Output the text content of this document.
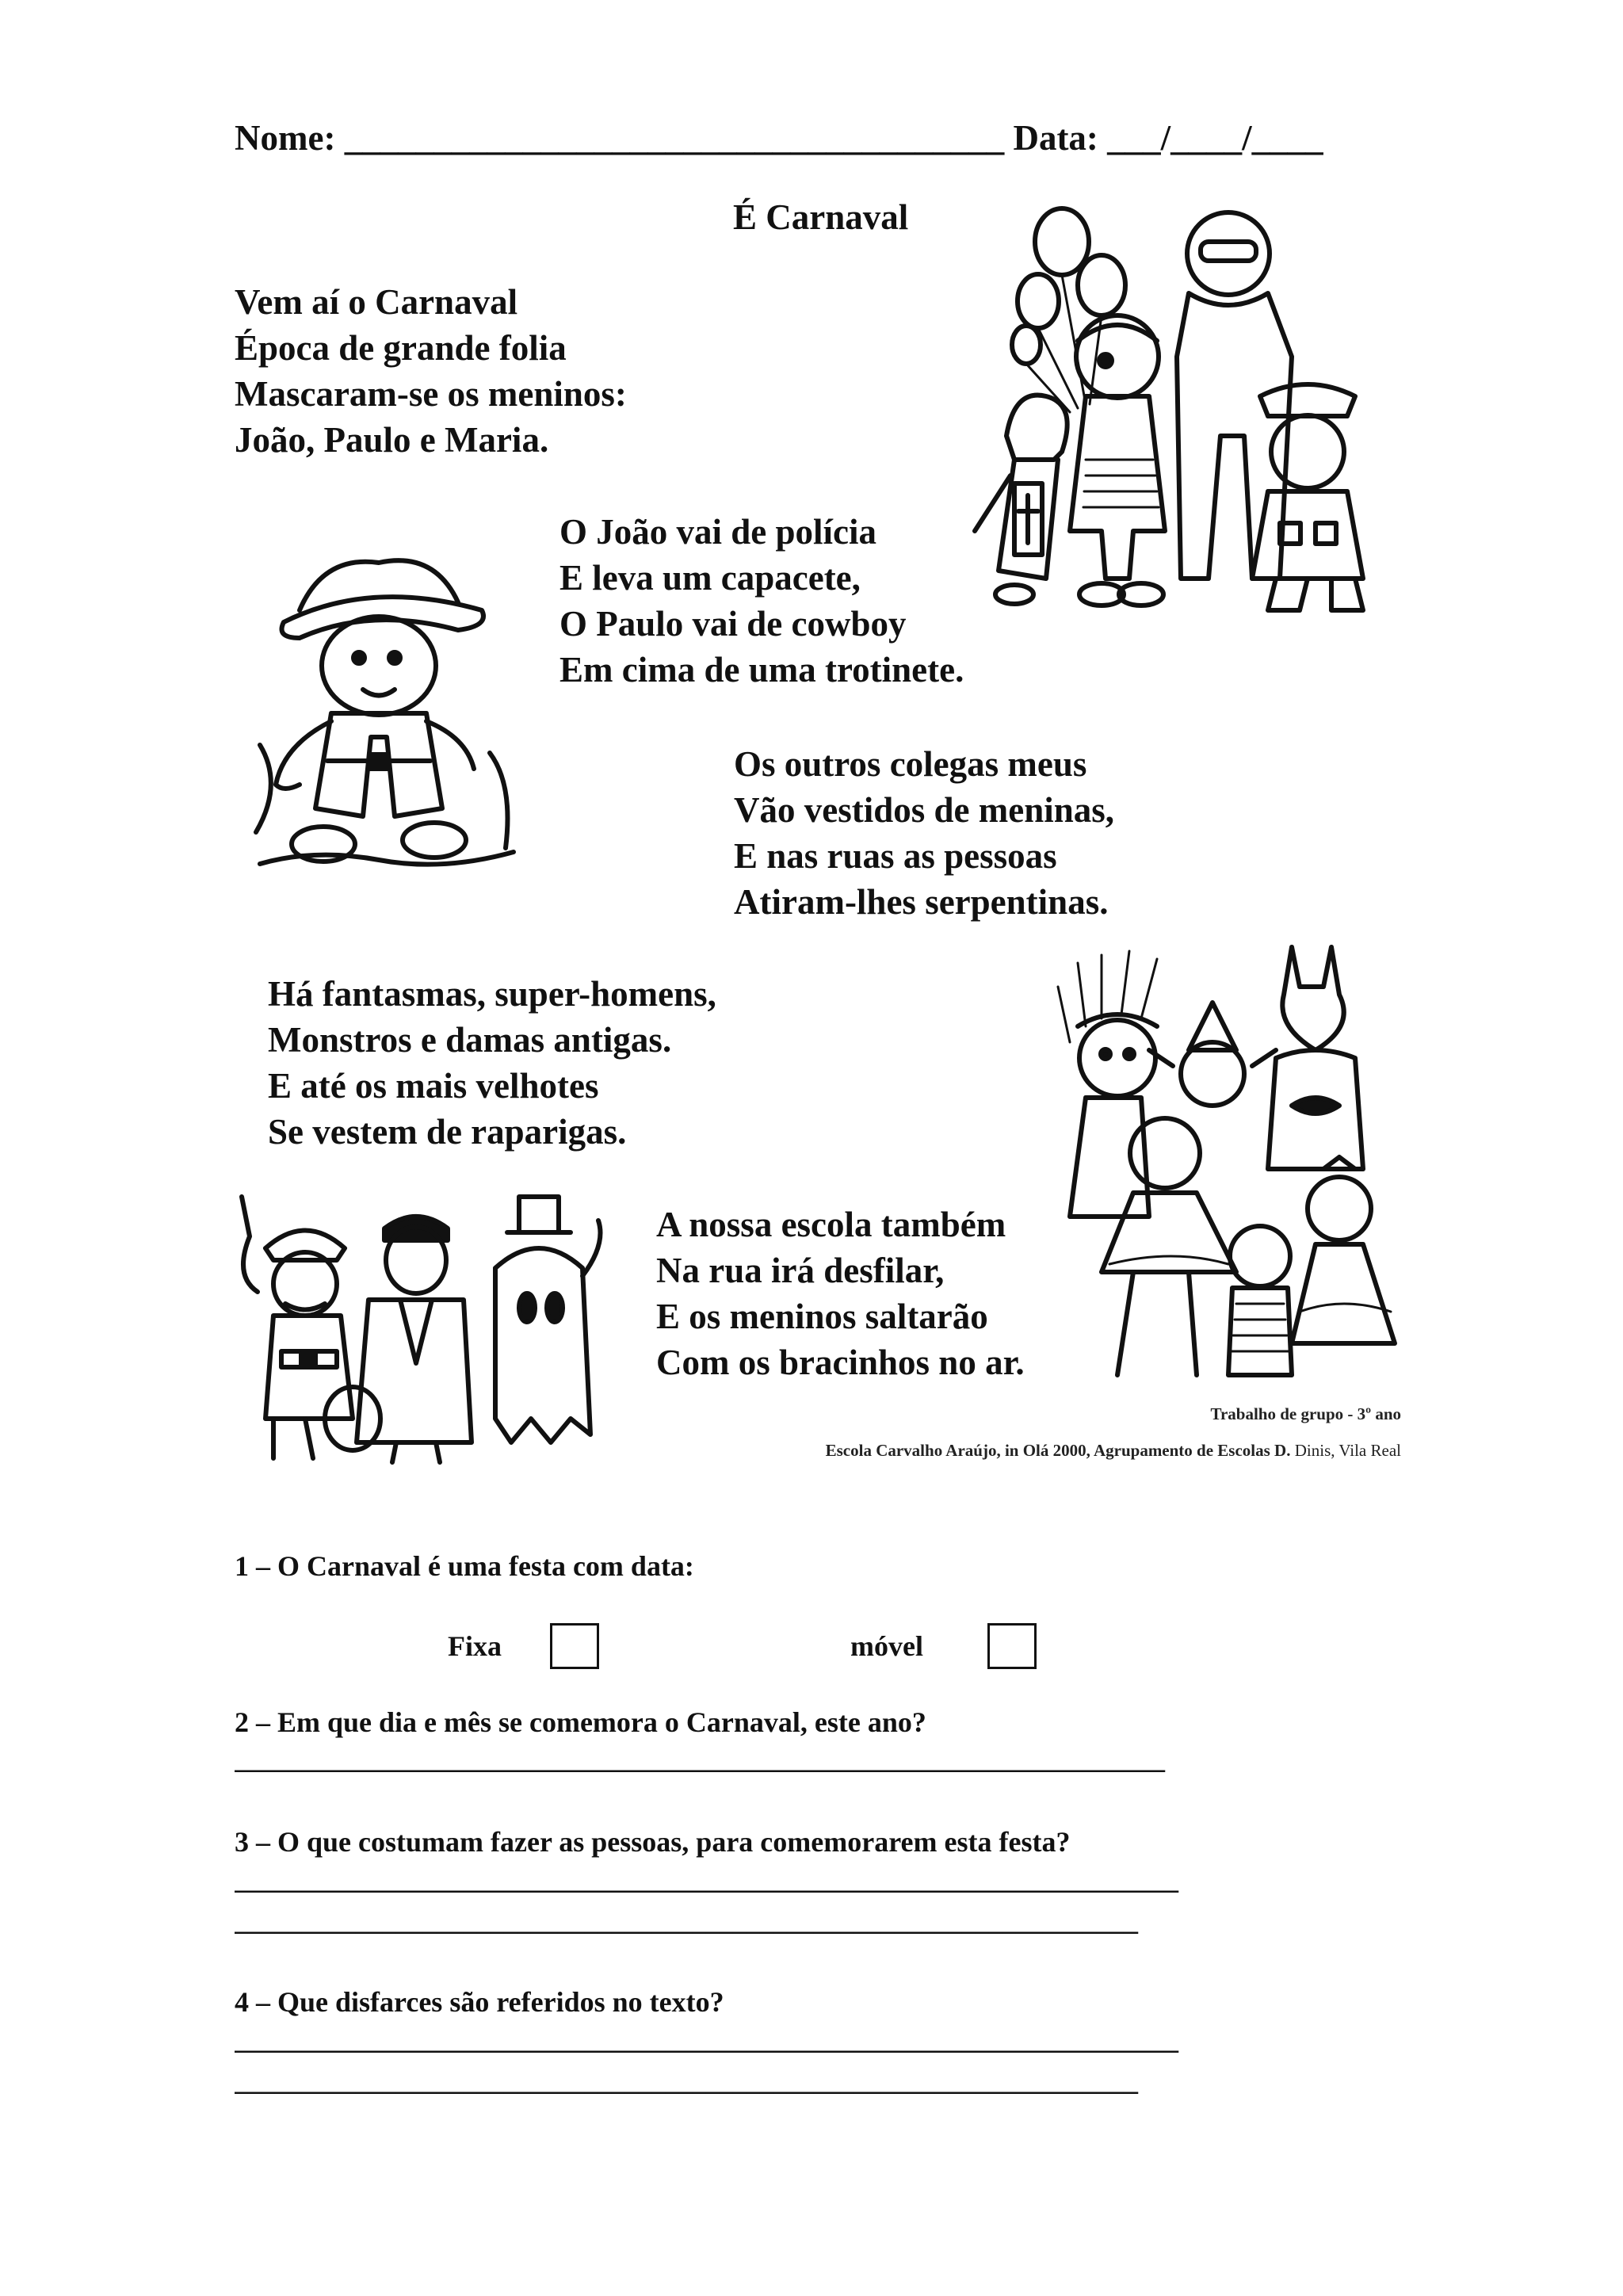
Nome: _____________________________________ Data: ___/____/____
É Carnaval
Vem aí o Carnaval
Época de grande folia
Mascaram-se os meninos:
João, Paulo e Maria.
O João vai de polícia
E leva um capacete,
O Paulo vai de cowboy
Em cima de uma trotinete.
Os outros colegas meus
Vão vestidos de meninas,
E nas ruas as pessoas
Atiram-lhes serpentinas.
Há fantasmas, super-homens,
Monstros e damas antigas.
E até os mais velhotes
Se vestem de raparigas.
A nossa escola também
Na rua irá desfilar,
E os meninos saltarão
Com os bracinhos no ar.
Trabalho de grupo - 3º ano
Escola Carvalho Araújo, in Olá 2000, Agrupamento de Escolas D. Dinis, Vila Real
1 – O Carnaval é uma festa com data:
Fixa	móvel
2 – Em que dia e mês se comemora o Carnaval, este ano?
_____________________________________________________________________
3 – O que costumam fazer as pessoas, para comemorarem esta festa?
______________________________________________________________________
___________________________________________________________________
4 – Que disfarces são referidos no texto?
______________________________________________________________________
___________________________________________________________________
